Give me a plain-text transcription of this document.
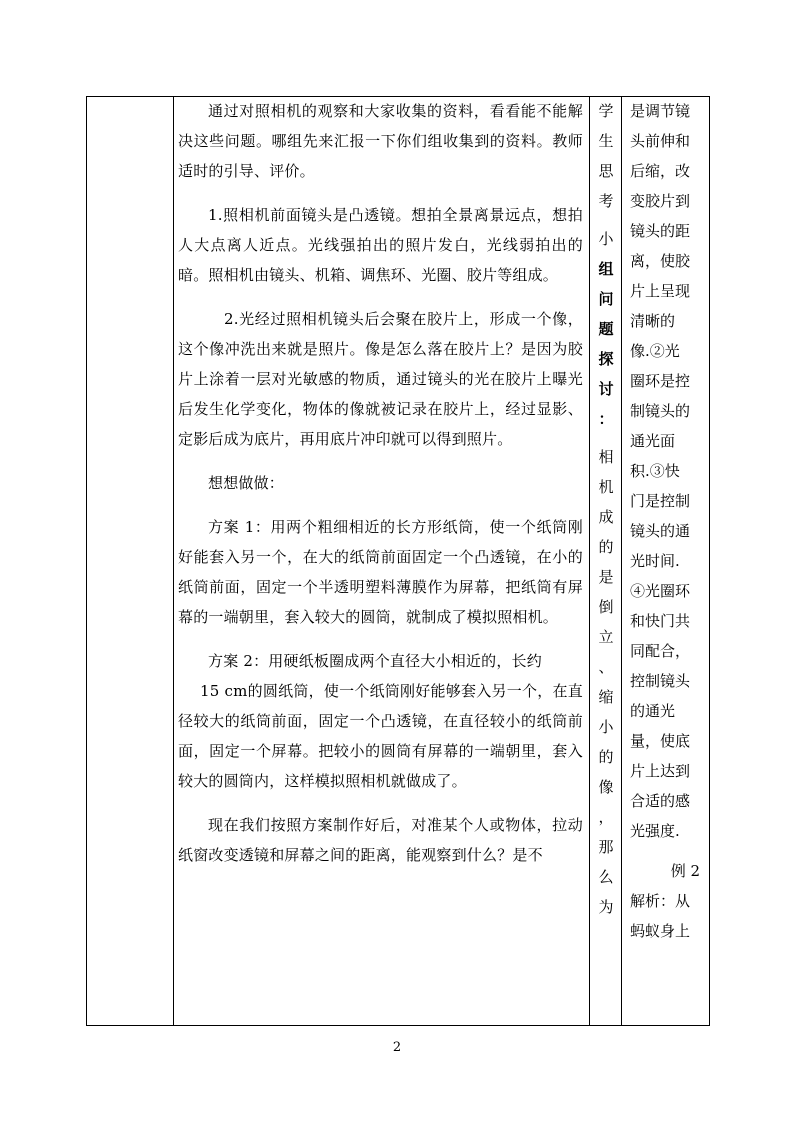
通过对照相机的观察和大家收集的资料，看看能不能解决这些问题。哪组先来汇报一下你们组收集到的资料。教师适时的引导、评价。

1.照相机前面镜头是凸透镜。想拍全景离景远点，想拍人大点离人近点。光线强拍出的照片发白，光线弱拍出的暗。照相机由镜头、机箱、调焦环、光圈、胶片等组成。

2.光经过照相机镜头后会聚在胶片上，形成一个像，这个像冲洗出来就是照片。像是怎么落在胶片上？是因为胶片上涂着一层对光敏感的物质，通过镜头的光在胶片上曝光后发生化学变化，物体的像就被记录在胶片上，经过显影、定影后成为底片，再用底片冲印就可以得到照片。

想想做做：

方案 1：用两个粗细相近的长方形纸筒，使一个纸筒刚好能套入另一个，在大的纸筒前面固定一个凸透镜，在小的纸筒前面，固定一个半透明塑料薄膜作为屏幕，把纸筒有屏幕的一端朝里，套入较大的圆筒，就制成了模拟照相机。

方案 2：用硬纸板圈成两个直径大小相近的，长约

15 cm的圆纸筒，使一个纸筒刚好能够套入另一个，在直径较大的纸筒前面，固定一个凸透镜，在直径较小的纸筒前面，固定一个屏幕。把较小的圆筒有屏幕的一端朝里，套入较大的圆筒内，这样模拟照相机就做成了。

现在我们按照方案制作好后，对准某个人或物体，拉动纸窗改变透镜和屏幕之间的距离，能观察到什么？是不

学
生
思
考
小
组
问
题
探
讨
：
相
机
成
的
是
倒
立
、
缩
小
的
像
，
那
么
为
是调节镜
头前伸和
后缩，改
变胶片到
镜头的距
离，使胶
片上呈现
清晰的
像.②光
圈环是控
制镜头的
通光面
积.③快
门是控制
镜头的通
光时间.
④光圈环
和快门共
同配合，
控制镜头
的通光
量，使底
片上达到
合适的感
光强度.
例 2
解析：从
蚂蚁身上
2
